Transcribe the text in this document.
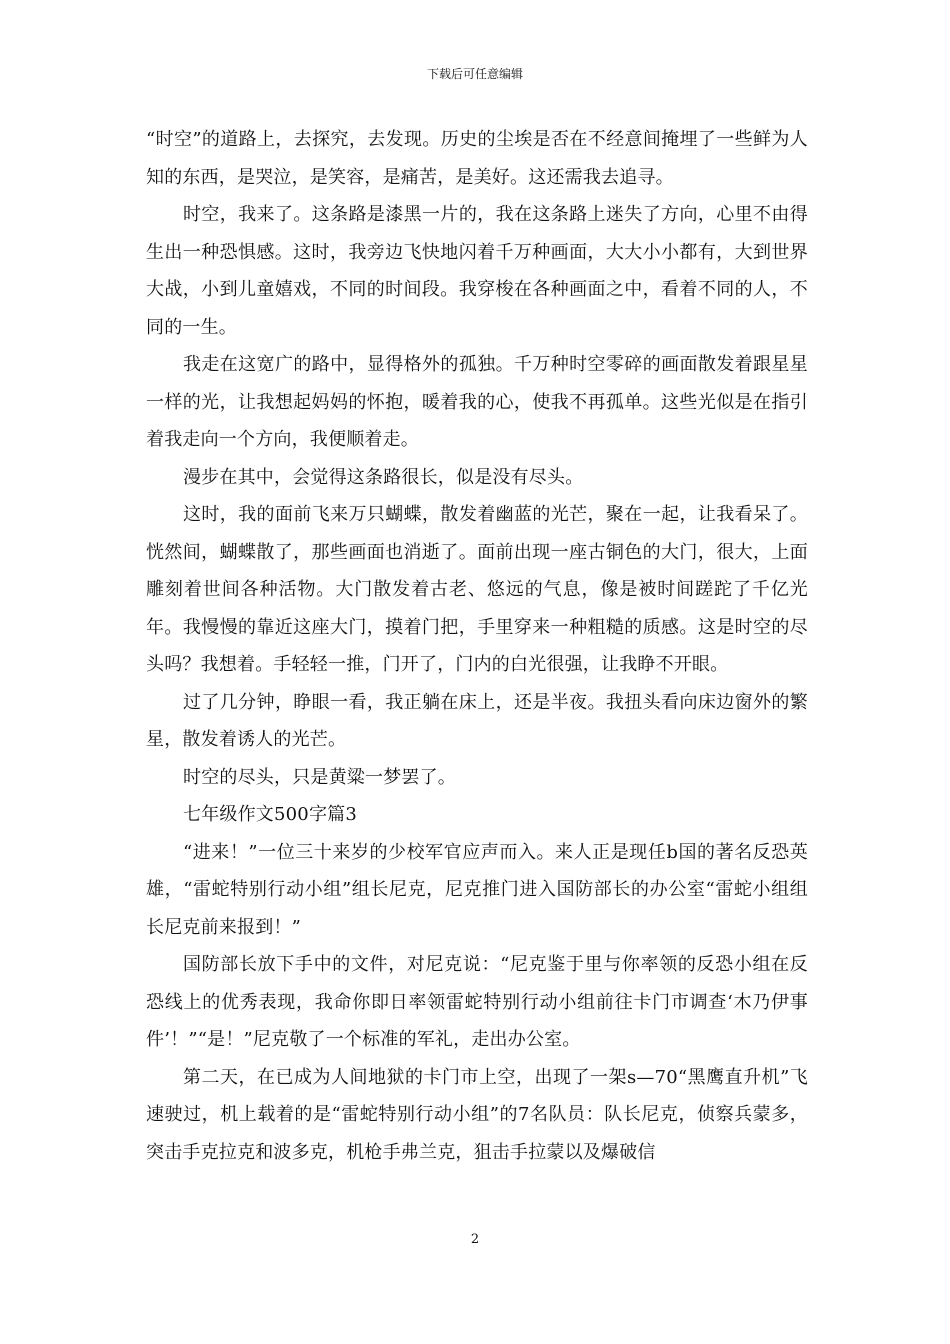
下载后可任意编辑

“时空”的道路上，去探究，去发现。历史的尘埃是否在不经意间掩埋了一些鲜为人知的东西，是哭泣，是笑容，是痛苦，是美好。这还需我去追寻。

时空，我来了。这条路是漆黑一片的，我在这条路上迷失了方向，心里不由得生出一种恐惧感。这时，我旁边飞快地闪着千万种画面，大大小小都有，大到世界大战，小到儿童嬉戏，不同的时间段。我穿梭在各种画面之中，看着不同的人，不同的一生。

我走在这宽广的路中，显得格外的孤独。千万种时空零碎的画面散发着跟星星一样的光，让我想起妈妈的怀抱，暖着我的心，使我不再孤单。这些光似是在指引着我走向一个方向，我便顺着走。

漫步在其中，会觉得这条路很长，似是没有尽头。

这时，我的面前飞来万只蝴蝶，散发着幽蓝的光芒，聚在一起，让我看呆了。恍然间，蝴蝶散了，那些画面也消逝了。面前出现一座古铜色的大门，很大，上面雕刻着世间各种活物。大门散发着古老、悠远的气息，像是被时间蹉跎了千亿光年。我慢慢的靠近这座大门，摸着门把，手里穿来一种粗糙的质感。这是时空的尽头吗？我想着。手轻轻一推，门开了，门内的白光很强，让我睁不开眼。

过了几分钟，睁眼一看，我正躺在床上，还是半夜。我扭头看向床边窗外的繁星，散发着诱人的光芒。

时空的尽头，只是黄粱一梦罢了。

七年级作文500字篇3

“进来！”一位三十来岁的少校军官应声而入。来人正是现任b国的著名反恐英雄，“雷蛇特别行动小组”组长尼克，尼克推门进入国防部长的办公室“雷蛇小组组长尼克前来报到！”

国防部长放下手中的文件，对尼克说：“尼克鉴于里与你率领的反恐小组在反恐线上的优秀表现，我命你即日率领雷蛇特别行动小组前往卡门市调查‘木乃伊事件’！”“是！”尼克敬了一个标准的军礼，走出办公室。

第二天，在已成为人间地狱的卡门市上空，出现了一架s—70“黑鹰直升机”飞速驶过，机上载着的是“雷蛇特别行动小组”的7名队员：队长尼克，侦察兵蒙多，突击手克拉克和波多克，机枪手弗兰克，狙击手拉蒙以及爆破信

2
